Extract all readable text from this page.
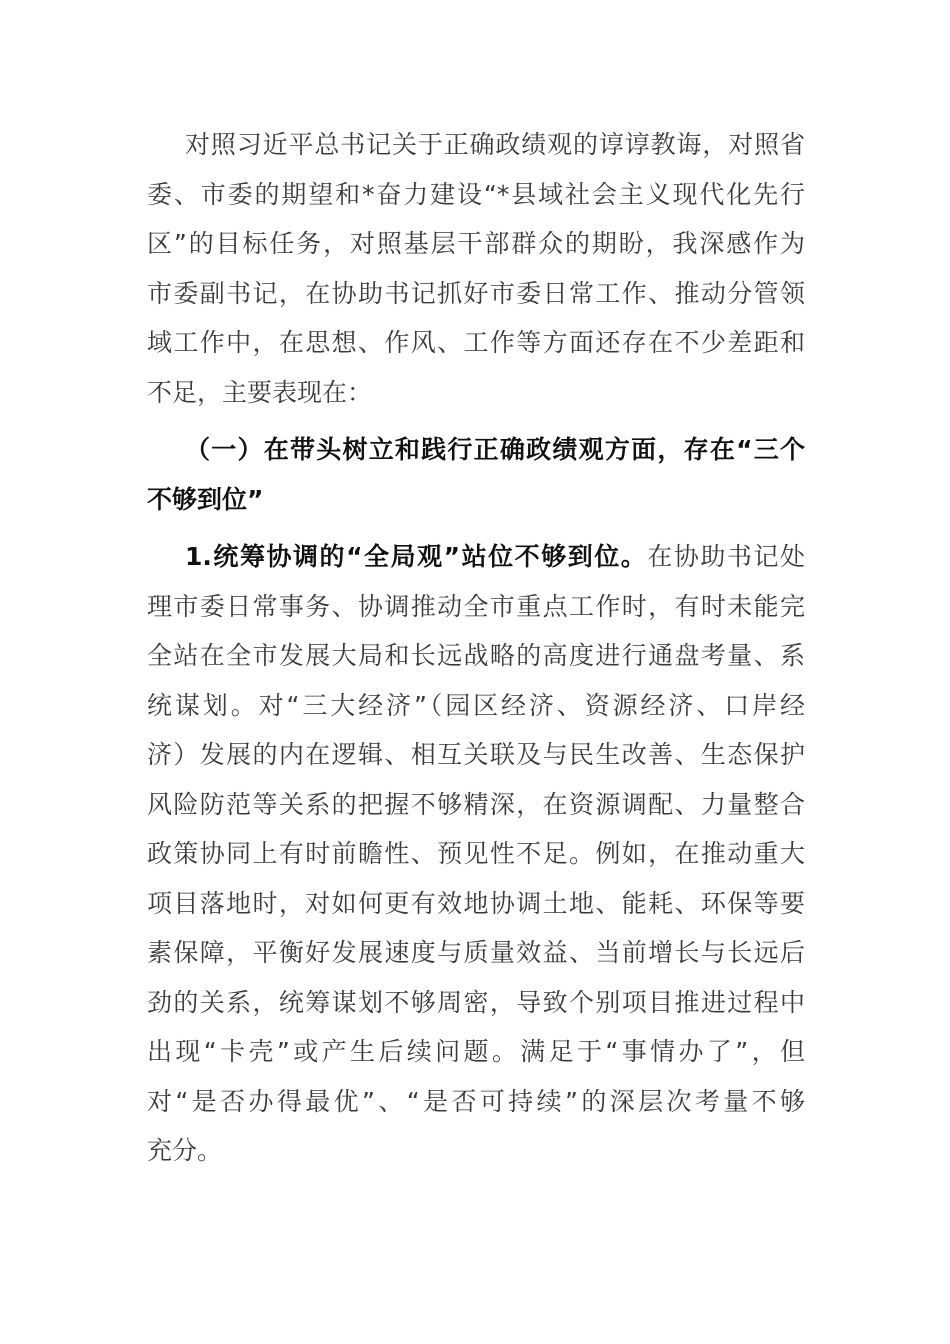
对照习近平总书记关于正确政绩观的谆谆教诲，对照省
委、市委的期望和*奋力建设“*县域社会主义现代化先行
区”的目标任务，对照基层干部群众的期盼，我深感作为
市委副书记，在协助书记抓好市委日常工作、推动分管领
域工作中，在思想、作风、工作等方面还存在不少差距和
不足，主要表现在：
（一）在带头树立和践行正确政绩观方面，存在“三个
不够到位”
1.统筹协调的“全局观”站位不够到位。在协助书记处
理市委日常事务、协调推动全市重点工作时，有时未能完
全站在全市发展大局和长远战略的高度进行通盘考量、系
统谋划。对“三大经济”（园区经济、资源经济、口岸经
济）发展的内在逻辑、相互关联及与民生改善、生态保护
风险防范等关系的把握不够精深，在资源调配、力量整合
政策协同上有时前瞻性、预见性不足。例如，在推动重大
项目落地时，对如何更有效地协调土地、能耗、环保等要
素保障，平衡好发展速度与质量效益、当前增长与长远后
劲的关系，统筹谋划不够周密，导致个别项目推进过程中
出现“卡壳”或产生后续问题。满足于“事情办了”，但
对“是否办得最优”、“是否可持续”的深层次考量不够
充分。
